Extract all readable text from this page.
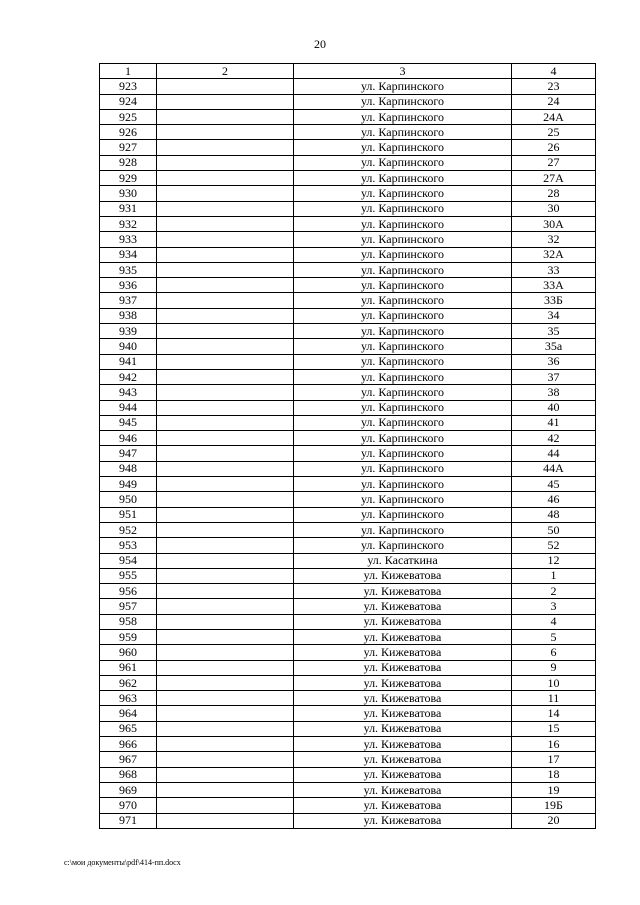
20
1	2	3	4
923		ул. Карпинского	23
924		ул. Карпинского	24
925		ул. Карпинского	24А
926		ул. Карпинского	25
927		ул. Карпинского	26
928		ул. Карпинского	27
929		ул. Карпинского	27А
930		ул. Карпинского	28
931		ул. Карпинского	30
932		ул. Карпинского	30А
933		ул. Карпинского	32
934		ул. Карпинского	32А
935		ул. Карпинского	33
936		ул. Карпинского	33А
937		ул. Карпинского	33Б
938		ул. Карпинского	34
939		ул. Карпинского	35
940		ул. Карпинского	35а
941		ул. Карпинского	36
942		ул. Карпинского	37
943		ул. Карпинского	38
944		ул. Карпинского	40
945		ул. Карпинского	41
946		ул. Карпинского	42
947		ул. Карпинского	44
948		ул. Карпинского	44А
949		ул. Карпинского	45
950		ул. Карпинского	46
951		ул. Карпинского	48
952		ул. Карпинского	50
953		ул. Карпинского	52
954		ул. Касаткина	12
955		ул. Кижеватова	1
956		ул. Кижеватова	2
957		ул. Кижеватова	3
958		ул. Кижеватова	4
959		ул. Кижеватова	5
960		ул. Кижеватова	6
961		ул. Кижеватова	9
962		ул. Кижеватова	10
963		ул. Кижеватова	11
964		ул. Кижеватова	14
965		ул. Кижеватова	15
966		ул. Кижеватова	16
967		ул. Кижеватова	17
968		ул. Кижеватова	18
969		ул. Кижеватова	19
970		ул. Кижеватова	19Б
971		ул. Кижеватова	20
c:\мои документы\pdf\414-пп.docx
